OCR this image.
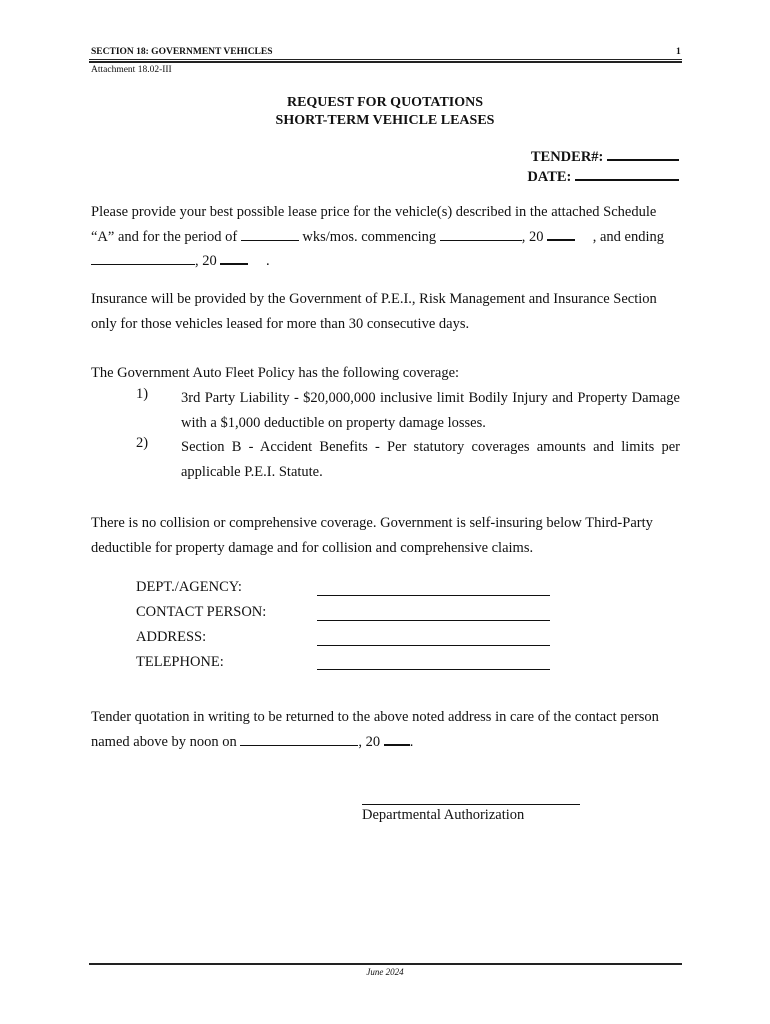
SECTION 18: GOVERNMENT VEHICLES	1
Attachment 18.02-III
REQUEST FOR QUOTATIONS
SHORT-TERM VEHICLE LEASES
TENDER#:
DATE:
Please provide your best possible lease price for the vehicle(s) described in the attached Schedule
“A” and for the period of	wks/mos. commencing	, 20	, and ending
, 20	.
Insurance will be provided by the Government of P.E.I., Risk Management and Insurance Section only for those vehicles leased for more than 30 consecutive days.
The Government Auto Fleet Policy has the following coverage:
1) 3rd Party Liability - $20,000,000 inclusive limit Bodily Injury and Property Damage with a $1,000 deductible on property damage losses.
2) Section B - Accident Benefits - Per statutory coverages amounts and limits per applicable P.E.I. Statute.
There is no collision or comprehensive coverage. Government is self-insuring below Third-Party deductible for property damage and for collision and comprehensive claims.
DEPT./AGENCY:
CONTACT PERSON:
ADDRESS:
TELEPHONE:
Tender quotation in writing to be returned to the above noted address in care of the contact person
named above by noon on	, 20 .
Departmental Authorization
June 2024
